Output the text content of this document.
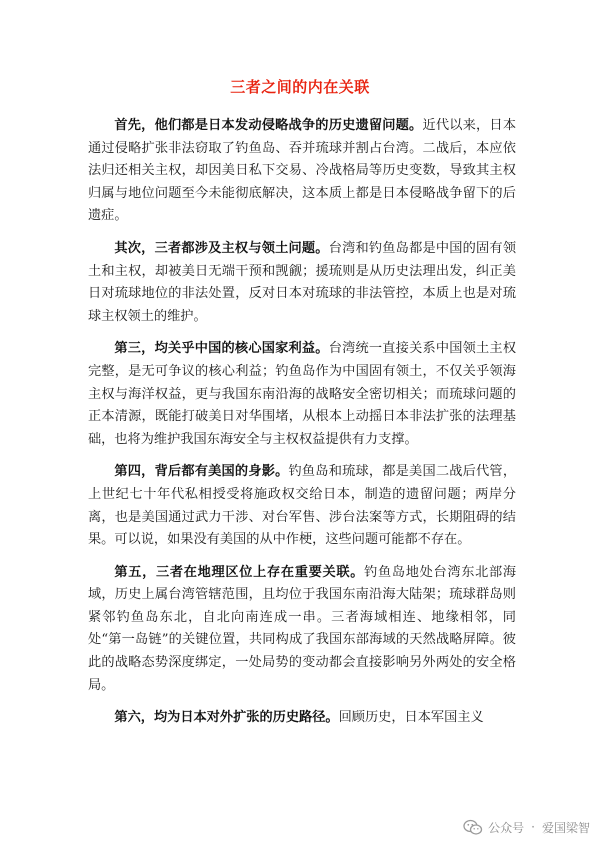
三者之间的内在关联

首先，他们都是日本发动侵略战争的历史遗留问题。近代以来，日本通过侵略扩张非法窃取了钓鱼岛、吞并琉球并割占台湾。二战后，本应依法归还相关主权，却因美日私下交易、冷战格局等历史变数，导致其主权归属与地位问题至今未能彻底解决，这本质上都是日本侵略战争留下的后遗症。

其次，三者都涉及主权与领土问题。台湾和钓鱼岛都是中国的固有领土和主权，却被美日无端干预和觊觎；援琉则是从历史法理出发，纠正美日对琉球地位的非法处置，反对日本对琉球的非法管控，本质上也是对琉球主权领土的维护。

第三，均关乎中国的核心国家利益。台湾统一直接关系中国领土主权完整，是无可争议的核心利益；钓鱼岛作为中国固有领土，不仅关乎领海主权与海洋权益，更与我国东南沿海的战略安全密切相关；而琉球问题的正本清源，既能打破美日对华围堵，从根本上动摇日本非法扩张的法理基础，也将为维护我国东海安全与主权权益提供有力支撑。

第四，背后都有美国的身影。钓鱼岛和琉球，都是美国二战后代管，上世纪七十年代私相授受将施政权交给日本，制造的遗留问题；两岸分离，也是美国通过武力干涉、对台军售、涉台法案等方式，长期阻碍的结果。可以说，如果没有美国的从中作梗，这些问题可能都不存在。

第五，三者在地理区位上存在重要关联。钓鱼岛地处台湾东北部海域，历史上属台湾管辖范围，且均位于我国东南沿海大陆架；琉球群岛则紧邻钓鱼岛东北，自北向南连成一串。三者海域相连、地缘相邻，同处“第一岛链”的关键位置，共同构成了我国东部海域的天然战略屏障。彼此的战略态势深度绑定，一处局势的变动都会直接影响另外两处的安全格局。

第六，均为日本对外扩张的历史路径。回顾历史，日本军国主义

公众号 · 爱国梁智
